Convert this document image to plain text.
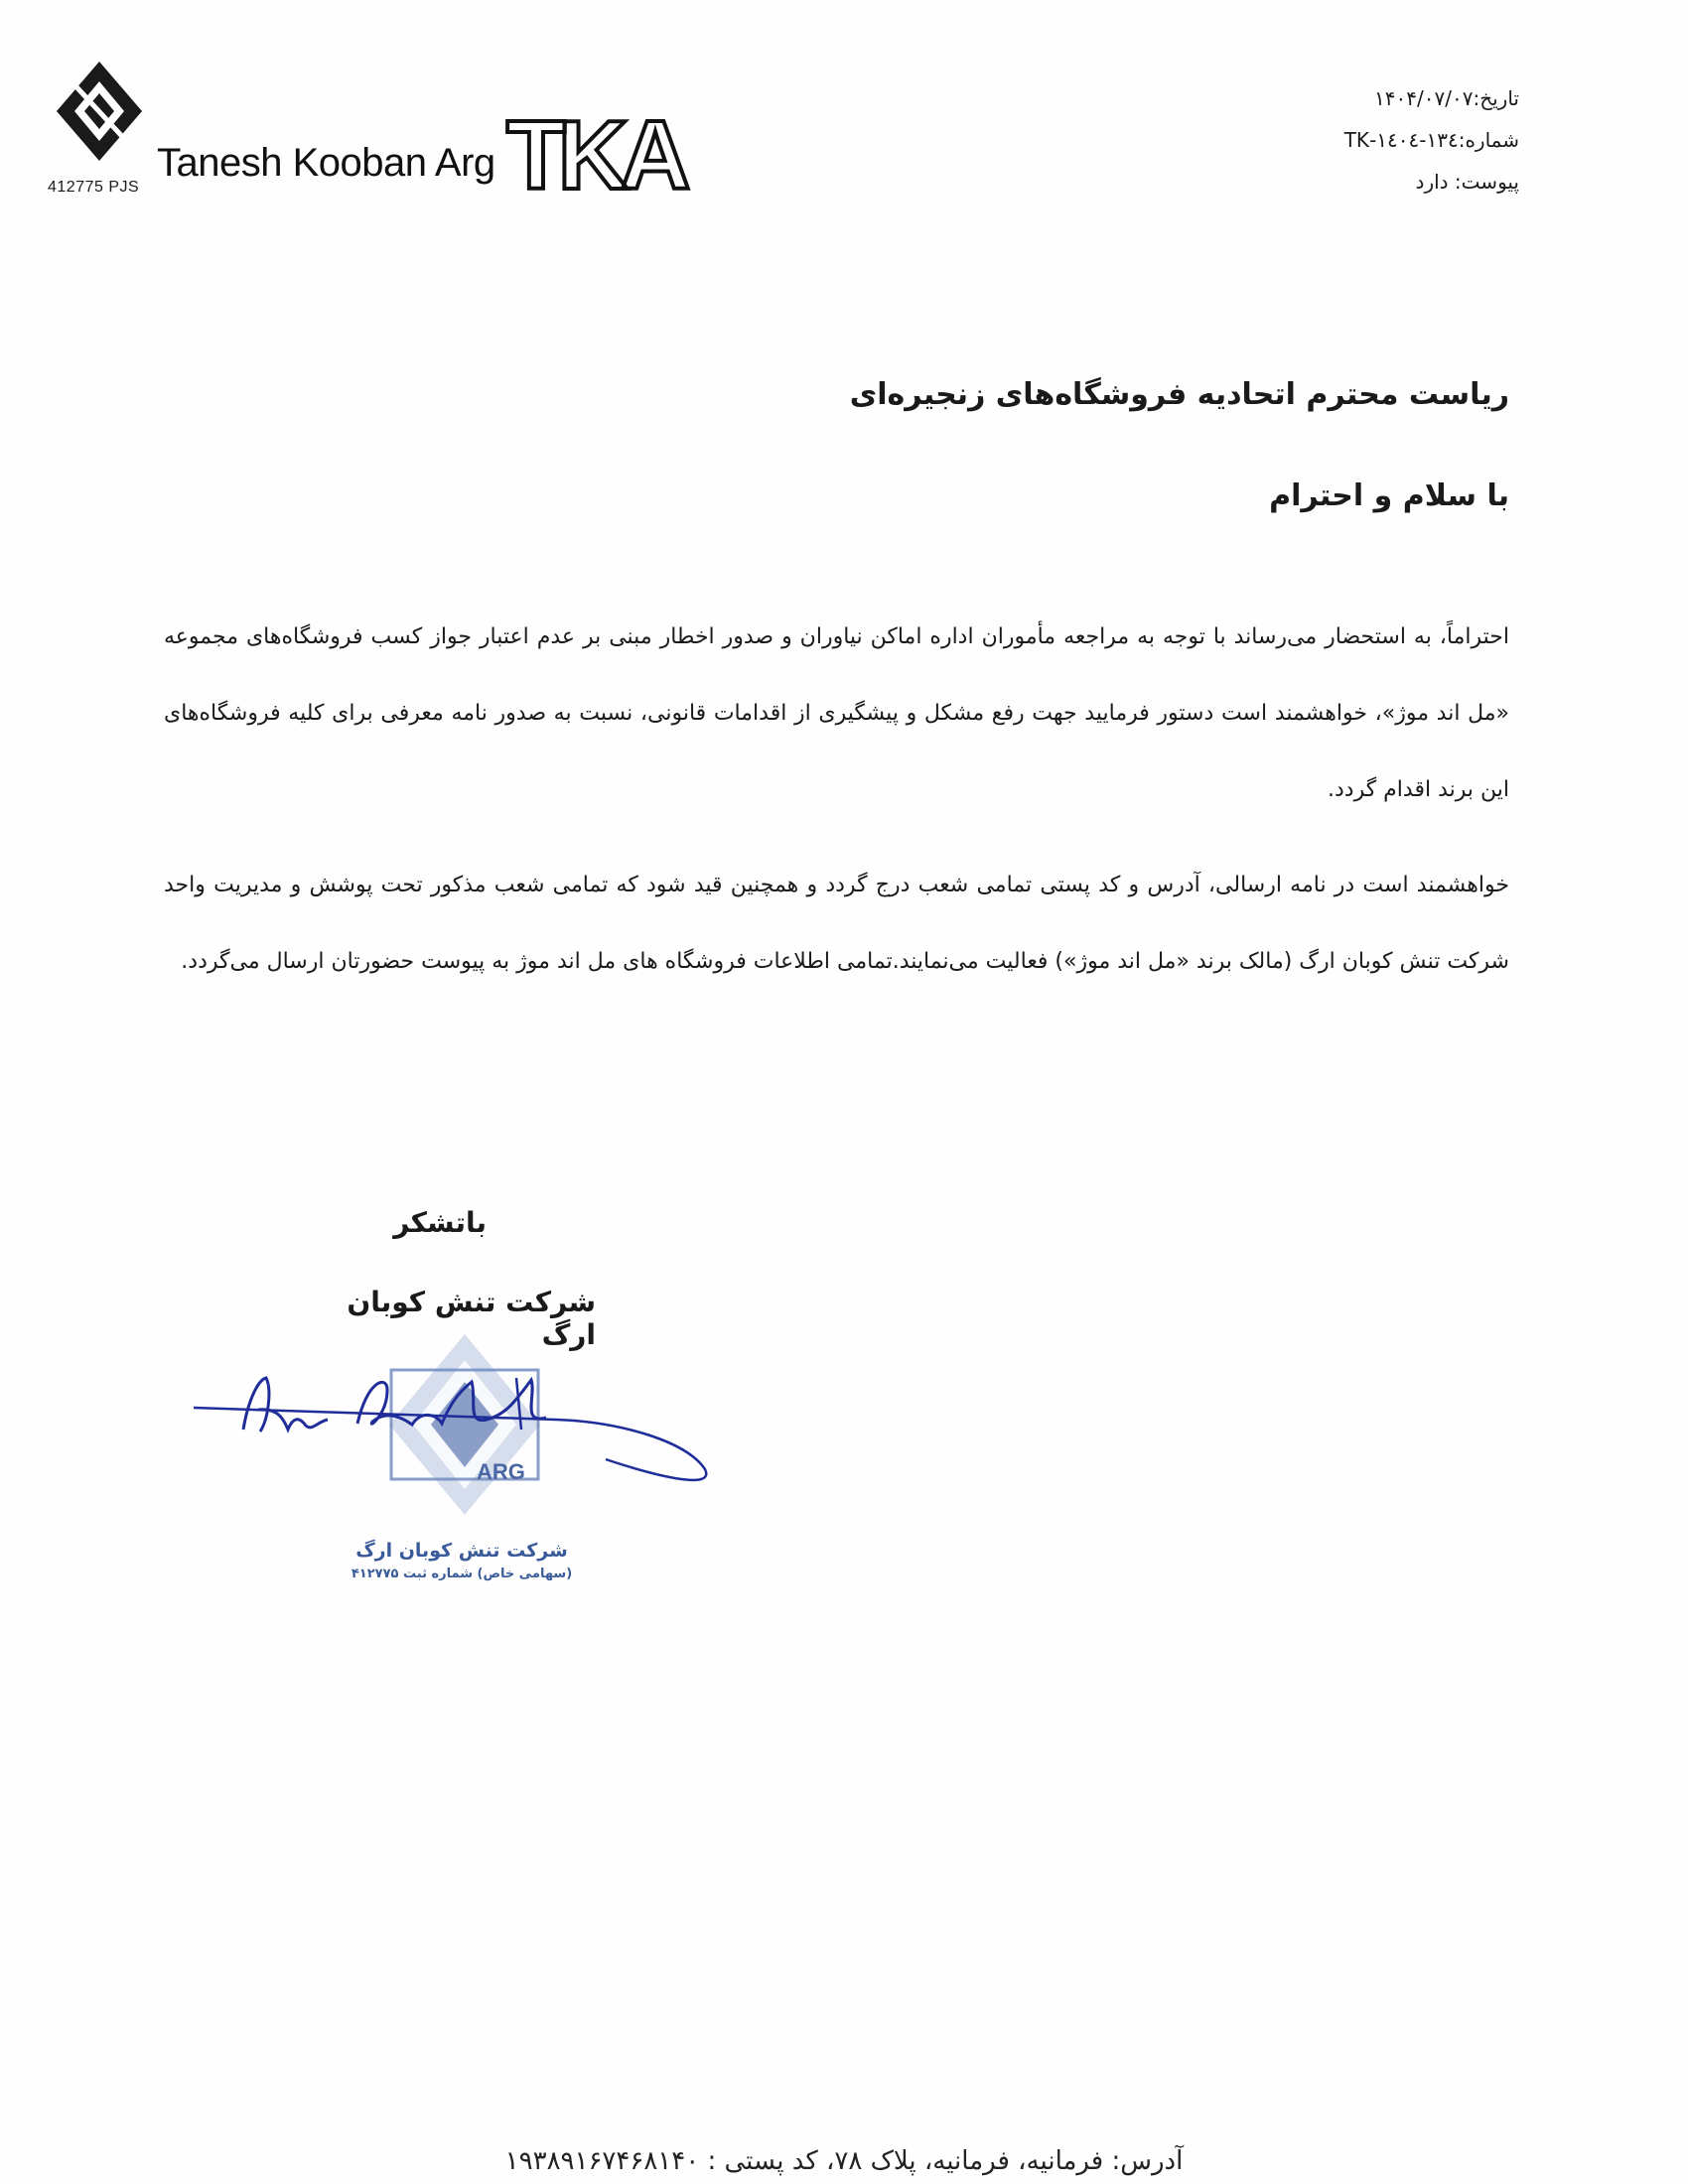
Arg
412775 PJS
Tanesh Kooban Arg TKA
تاریخ:۱۴۰۴/۰۷/۰۷
شماره:۱۳٤-۱٤۰٤-TK
پیوست: دارد
ریاست محترم اتحادیه فروشگاه‌های زنجیره‌ای
با سلام و احترام
احتراماً، به استحضار می‌رساند با توجه به مراجعه مأموران اداره اماکن نیاوران و صدور اخطار مبنی بر عدم اعتبار جواز کسب فروشگاه‌های مجموعه «مل اند موژ»، خواهشمند است دستور فرمایید جهت رفع مشکل و پیشگیری از اقدامات قانونی، نسبت به صدور نامه معرفی برای کلیه فروشگاه‌های این برند اقدام گردد.
خواهشمند است در نامه ارسالی، آدرس و کد پستی تمامی شعب درج گردد و همچنین قید شود که تمامی شعب مذکور تحت پوشش و مدیریت واحد شرکت تنش کوبان ارگ (مالک برند «مل اند موژ») فعالیت می‌نمایند.تمامی اطلاعات فروشگاه های مل اند موژ به پیوست حضورتان ارسال می‌گردد.
باتشکر
شرکت تنش کوبان ارگ
ARG
شرکت تنش کوبان ارگ
(سهامی خاص) شماره ثبت ۴۱۲۷۷۵
آدرس: فرمانیه، فرمانیه، پلاک ۷۸، کد پستی : ۱۹۳۸۹۱۶۷۴۶۸۱۴۰
